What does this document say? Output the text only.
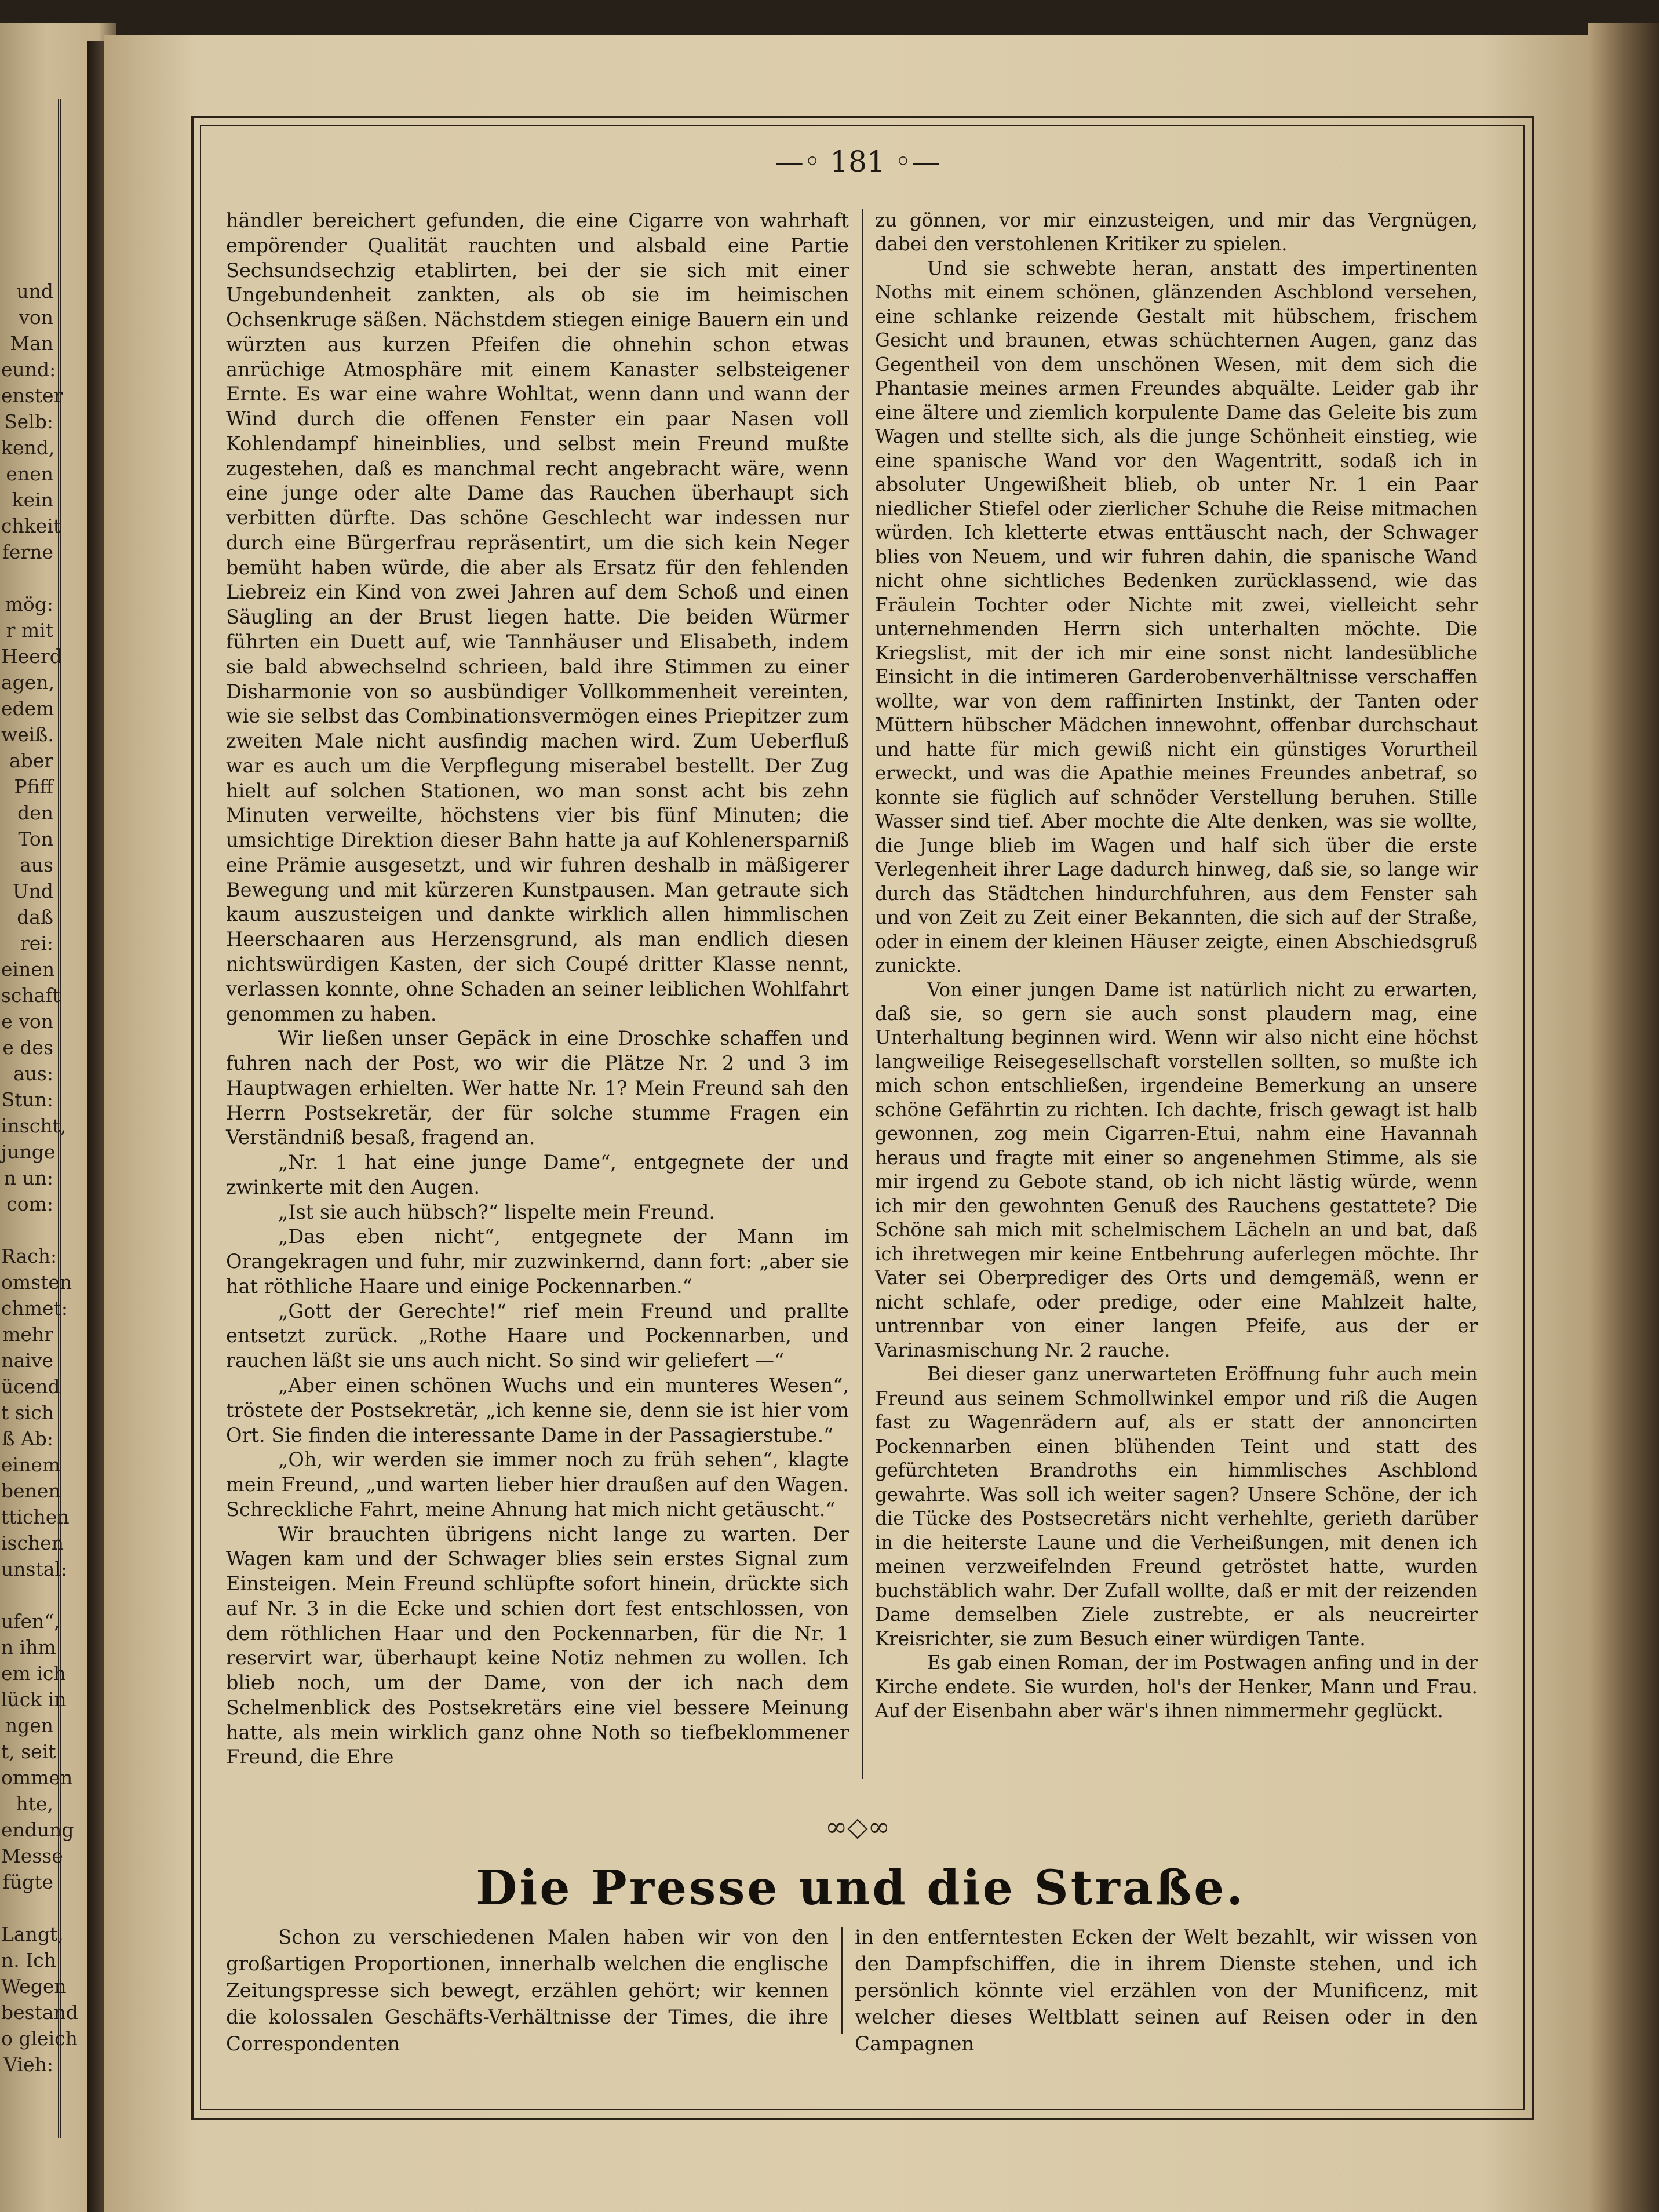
und
von
Man
eund:
enster
Selb:
kend,
enen
kein
chkeit
ferne

mög:
r mit
Heerd
agen,
edem
weiß.
aber
Pfiff
den
Ton
aus
Und
daß
rei:
einen
schaft
e von
e des
aus:
Stun:
inscht,
junge
n un:
com:

Rach:
omsten
chmet:
mehr
naive
ücend
t sich
ß Ab:
einem
benen
ttichen
ischen
unstal:

ufen“,
n ihm
em ich
lück in
ngen
t, seit
ommen
hte,
endung
Messe
fügte

Langt,
n. Ich
Wegen
bestand
o gleich
Vieh:
—◦ 181 ◦—

händler bereichert gefunden, die eine Cigarre von wahrhaft empörender Qualität rauchten und alsbald eine Partie Sechsundsechzig etablirten, bei der sie sich mit einer Ungebundenheit zankten, als ob sie im heimischen Ochsenkruge säßen. Nächstdem stiegen einige Bauern ein und würzten aus kurzen Pfeifen die ohnehin schon etwas anrüchige Atmosphäre mit einem Kanaster selbsteigener Ernte. Es war eine wahre Wohltat, wenn dann und wann der Wind durch die offenen Fenster ein paar Nasen voll Kohlendampf hineinblies, und selbst mein Freund mußte zugestehen, daß es manchmal recht angebracht wäre, wenn eine junge oder alte Dame das Rauchen überhaupt sich verbitten dürfte. Das schöne Geschlecht war indessen nur durch eine Bürgerfrau repräsentirt, um die sich kein Neger bemüht haben würde, die aber als Ersatz für den fehlenden Liebreiz ein Kind von zwei Jahren auf dem Schoß und einen Säugling an der Brust liegen hatte. Die beiden Würmer führten ein Duett auf, wie Tannhäuser und Elisabeth, indem sie bald abwechselnd schrieen, bald ihre Stimmen zu einer Disharmonie von so ausbündiger Vollkommenheit vereinten, wie sie selbst das Combinationsvermögen eines Priepitzer zum zweiten Male nicht ausfindig machen wird. Zum Ueberfluß war es auch um die Verpflegung miserabel bestellt. Der Zug hielt auf solchen Stationen, wo man sonst acht bis zehn Minuten verweilte, höchstens vier bis fünf Minuten; die umsichtige Direktion dieser Bahn hatte ja auf Kohlenersparniß eine Prämie ausgesetzt, und wir fuhren deshalb in mäßigerer Bewegung und mit kürzeren Kunstpausen. Man getraute sich kaum auszusteigen und dankte wirklich allen himmlischen Heerschaaren aus Herzensgrund, als man endlich diesen nichtswürdigen Kasten, der sich Coupé dritter Klasse nennt, verlassen konnte, ohne Schaden an seiner leiblichen Wohlfahrt genommen zu haben.

Wir ließen unser Gepäck in eine Droschke schaffen und fuhren nach der Post, wo wir die Plätze Nr. 2 und 3 im Hauptwagen erhielten. Wer hatte Nr. 1? Mein Freund sah den Herrn Postsekretär, der für solche stumme Fragen ein Verständniß besaß, fragend an.

„Nr. 1 hat eine junge Dame“, entgegnete der und zwinkerte mit den Augen.

„Ist sie auch hübsch?“ lispelte mein Freund.

„Das eben nicht“, entgegnete der Mann im Orangekragen und fuhr, mir zuzwinkernd, dann fort: „aber sie hat röthliche Haare und einige Pockennarben.“

„Gott der Gerechte!“ rief mein Freund und prallte entsetzt zurück. „Rothe Haare und Pockennarben, und rauchen läßt sie uns auch nicht. So sind wir geliefert —“

„Aber einen schönen Wuchs und ein munteres Wesen“, tröstete der Postsekretär, „ich kenne sie, denn sie ist hier vom Ort. Sie finden die interessante Dame in der Passagierstube.“

„Oh, wir werden sie immer noch zu früh sehen“, klagte mein Freund, „und warten lieber hier draußen auf den Wagen. Schreckliche Fahrt, meine Ahnung hat mich nicht getäuscht.“

Wir brauchten übrigens nicht lange zu warten. Der Wagen kam und der Schwager blies sein erstes Signal zum Einsteigen. Mein Freund schlüpfte sofort hinein, drückte sich auf Nr. 3 in die Ecke und schien dort fest entschlossen, von dem röthlichen Haar und den Pockennarben, für die Nr. 1 reservirt war, überhaupt keine Notiz nehmen zu wollen. Ich blieb noch, um der Dame, von der ich nach dem Schelmenblick des Postsekretärs eine viel bessere Meinung hatte, als mein wirklich ganz ohne Noth so tiefbeklommener Freund, die Ehre

zu gönnen, vor mir einzusteigen, und mir das Vergnügen, dabei den verstohlenen Kritiker zu spielen.

Und sie schwebte heran, anstatt des impertinenten Noths mit einem schönen, glänzenden Aschblond versehen, eine schlanke reizende Gestalt mit hübschem, frischem Gesicht und braunen, etwas schüchternen Augen, ganz das Gegentheil von dem unschönen Wesen, mit dem sich die Phantasie meines armen Freundes abquälte. Leider gab ihr eine ältere und ziemlich korpulente Dame das Geleite bis zum Wagen und stellte sich, als die junge Schönheit einstieg, wie eine spanische Wand vor den Wagentritt, sodaß ich in absoluter Ungewißheit blieb, ob unter Nr. 1 ein Paar niedlicher Stiefel oder zierlicher Schuhe die Reise mitmachen würden. Ich kletterte etwas enttäuscht nach, der Schwager blies von Neuem, und wir fuhren dahin, die spanische Wand nicht ohne sichtliches Bedenken zurücklassend, wie das Fräulein Tochter oder Nichte mit zwei, vielleicht sehr unternehmenden Herrn sich unterhalten möchte. Die Kriegslist, mit der ich mir eine sonst nicht landesübliche Einsicht in die intimeren Garderobenverhältnisse verschaffen wollte, war von dem raffinirten Instinkt, der Tanten oder Müttern hübscher Mädchen innewohnt, offenbar durchschaut und hatte für mich gewiß nicht ein günstiges Vorurtheil erweckt, und was die Apathie meines Freundes anbetraf, so konnte sie füglich auf schnöder Verstellung beruhen. Stille Wasser sind tief. Aber mochte die Alte denken, was sie wollte, die Junge blieb im Wagen und half sich über die erste Verlegenheit ihrer Lage dadurch hinweg, daß sie, so lange wir durch das Städtchen hindurchfuhren, aus dem Fenster sah und von Zeit zu Zeit einer Bekannten, die sich auf der Straße, oder in einem der kleinen Häuser zeigte, einen Abschiedsgruß zunickte.

Von einer jungen Dame ist natürlich nicht zu erwarten, daß sie, so gern sie auch sonst plaudern mag, eine Unterhaltung beginnen wird. Wenn wir also nicht eine höchst langweilige Reisegesellschaft vorstellen sollten, so mußte ich mich schon entschließen, irgendeine Bemerkung an unsere schöne Gefährtin zu richten. Ich dachte, frisch gewagt ist halb gewonnen, zog mein Cigarren-Etui, nahm eine Havannah heraus und fragte mit einer so angenehmen Stimme, als sie mir irgend zu Gebote stand, ob ich nicht lästig würde, wenn ich mir den gewohnten Genuß des Rauchens gestattete? Die Schöne sah mich mit schelmischem Lächeln an und bat, daß ich ihretwegen mir keine Entbehrung auferlegen möchte. Ihr Vater sei Oberprediger des Orts und demgemäß, wenn er nicht schlafe, oder predige, oder eine Mahlzeit halte, untrennbar von einer langen Pfeife, aus der er Varinasmischung Nr. 2 rauche.

Bei dieser ganz unerwarteten Eröffnung fuhr auch mein Freund aus seinem Schmollwinkel empor und riß die Augen fast zu Wagenrädern auf, als er statt der annoncirten Pockennarben einen blühenden Teint und statt des gefürchteten Brandroths ein himmlisches Aschblond gewahrte. Was soll ich weiter sagen? Unsere Schöne, der ich die Tücke des Postsecretärs nicht verhehlte, gerieth darüber in die heiterste Laune und die Verheißungen, mit denen ich meinen verzweifelnden Freund getröstet hatte, wurden buchstäblich wahr. Der Zufall wollte, daß er mit der reizenden Dame demselben Ziele zustrebte, er als neucreirter Kreisrichter, sie zum Besuch einer würdigen Tante.

Es gab einen Roman, der im Postwagen anfing und in der Kirche endete. Sie wurden, hol's der Henker, Mann und Frau. Auf der Eisenbahn aber wär's ihnen nimmermehr geglückt.

∞◇∞
Die Presse und die Straße.
Schon zu verschiedenen Malen haben wir von den großartigen Proportionen, innerhalb welchen die englische Zeitungspresse sich bewegt, erzählen gehört; wir kennen die kolossalen Geschäfts-Verhältnisse der Times, die ihre Correspondenten
in den entferntesten Ecken der Welt bezahlt, wir wissen von den Dampfschiffen, die in ihrem Dienste stehen, und ich persönlich könnte viel erzählen von der Munificenz, mit welcher dieses Weltblatt seinen auf Reisen oder in den Campagnen
